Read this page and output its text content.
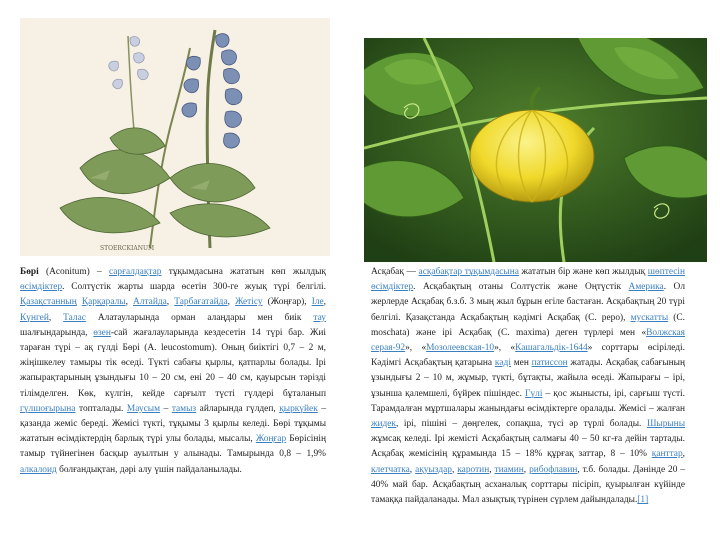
STOERCKIANUM
Бөрі (Aconitum) – сарғалдақтар тұқымдасына жататын көп жылдық өсімдіктер. Солтүстік жарты шарда өсетін 300-ге жуық түрі белгілі. Қазақстанның Қарқаралы, Алтайда, Тарбағатайда, Жетісу (Жоңғар), Іле, Күнгей, Талас Алатауларында орман алаңдары мен биік тау шалғындарында, өзен-сай жағалауларында кездесетін 14 түрі бар. Жиі тараған түрі – ақ гүлді Бөрі (A. leucostomum). Оның биіктігі 0,7 – 2 м, жіңішкелеу тамыры тік өседі. Түкті сабағы қырлы, қатпарлы болады. Ірі жапырақтарының ұзындығы 10 – 20 см, ені 20 – 40 см, қауырсын тәрізді тілімделген. Көк, күлгін, кейде сарғылт түсті гүлдері бұталанып гүлшоғырына топталады. Маусым – тамыз айларында гүлдеп, қыркүйек – қазанда жеміс береді. Жемісі түкті, тұқымы 3 қырлы келеді. Бөрі тұқымы жататын өсімдіктердің барлық түрі улы болады, мысалы, Жоңғар Бөрісінің тамыр түйнегінен басқыр ауылтын у алынады. Тамырында 0,8 – 1,9% алкалоид болғандықтан, дәрі алу үшін пайдаланылады.
Асқабақ — асқабақтар тұқымдасына жататын бір және көп жылдық шөптесін өсімдіктер. Асқабақтың отаны Солтүстік және Оңтүстік Америка. Ол жерлерде Асқабақ б.з.б. 3 мың жыл бұрын егіле бастаған. Асқабақтың 20 түрі белгілі. Қазақстанда Асқабақтың кәдімгі Асқабақ (C. pepo), мускатты (C. moschata) және ірі Асқабақ (C. maxima) деген түрлері мен «Волжская серая-92», «Мозолеевская-10», «Кашагальдік-1644» сорттары өсіріледі. Кәдімгі Асқабақтың қатарына кәді мен патиссон жатады. Асқабақ сабағының ұзындығы 2 – 10 м, жұмыр, түкті, бұтақты, жайыла өседі. Жапырағы – ірі, ұзынша қалемшелі, бүйрек пішіндес. Гүлі – қос жынысты, ірі, сарғыш түсті. Тарамдалған мұртшалары жанындағы өсімдіктерге оралады. Жемісі – жалған жидек, ірі, пішіні – дөңгелек, сопақша, түсі әр түрлі болады. Шырыны жұмсақ келеді. Ірі жемісті Асқабақтың салмағы 40 – 50 кг-ға дейін тартады. Асқабақ жемісінің құрамында 15 – 18% құрғақ заттар, 8 – 10% қанттар, клетчатка, ақуыздар, каротин, тиамин, рибофлавин, т.б. болады. Дәнінде 20 – 40% май бар. Асқабақтың асханалық сорттары пісіріп, қуырылған күйінде тамаққа пайдаланады. Мал азықтық түрінен сүрлем дайындалады.[1]
